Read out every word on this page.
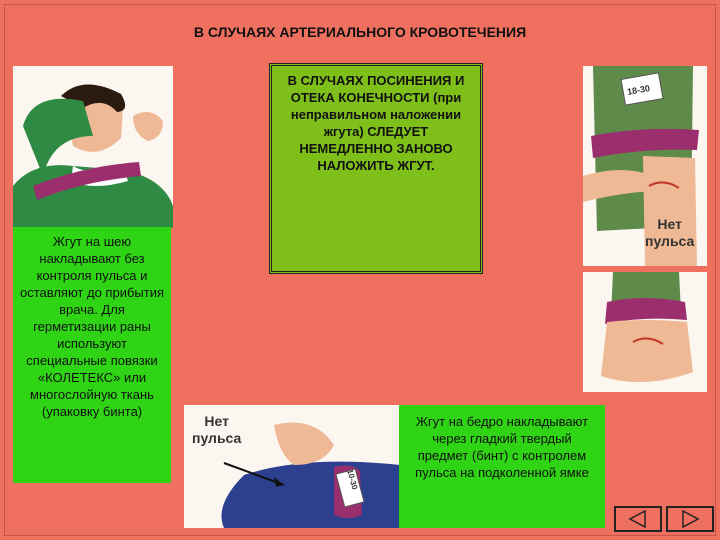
В СЛУЧАЯХ АРТЕРИАЛЬНОГО КРОВОТЕЧЕНИЯ
Жгут на шею накладывают без контроля пульса и оставляют до прибытия врача. Для герметизации раны используют специальные повязки «КОЛЕТЕКС» или многослойную ткань (упаковку бинта)
В СЛУЧАЯХ ПОСИНЕНИЯ И ОТЕКА КОНЕЧНОСТИ (при неправильном наложении жгута) СЛЕДУЕТ НЕМЕДЛЕННО ЗАНОВО НАЛОЖИТЬ ЖГУТ.
18-30
Нет
пульса
Нет
пульса
10-30
Жгут на бедро накладывают через гладкий твердый предмет (бинт) с контролем пульса на подколенной ямке
